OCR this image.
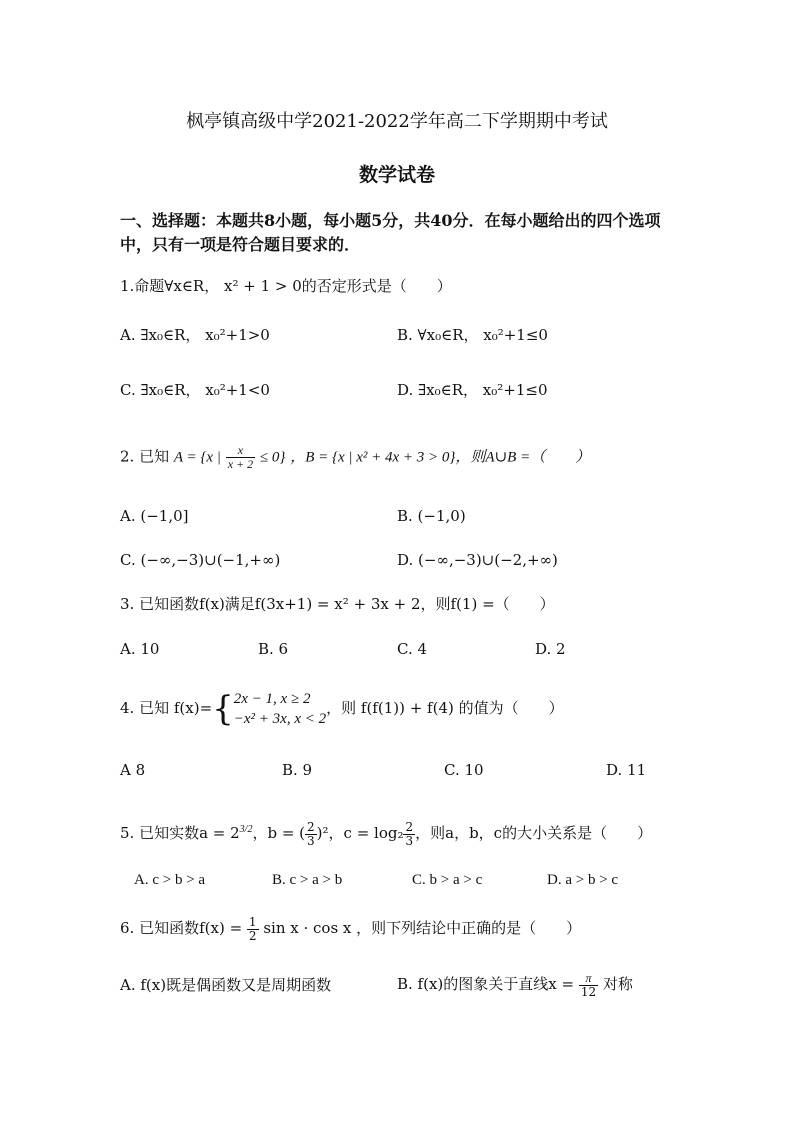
枫亭镇高级中学2021-2022学年高二下学期期中考试
数学试卷
一、选择题：本题共8小题，每小题5分，共40分．在每小题给出的四个选项
中，只有一项是符合题目要求的．
1.命题∀x∈R， x² + 1 > 0的否定形式是（　　）
A. ∃x₀∈R， x₀²+1>0	B. ∀x₀∈R， x₀²+1≤0
C. ∃x₀∈R， x₀²+1<0	D. ∃x₀∈R， x₀²+1≤0
2. 已知 A = {x | $\frac{x}{x + 2} \le 0$} ，B = {x | x² + 4x + 3 > 0}，则A∪B =（　　）
A. (−1,0]	B. (−1,0)
C. (−∞,−3)∪(−1,+∞)	D. (−∞,−3)∪(−2,+∞)
3. 已知函数f(x)满足f(3x+1) = x² + 3x + 2，则f(1) =（　　）
A. 10	B. 6	C. 4	D. 2
4. 已知 f(x)={ 2x − 1, x ≥ 2
−x² + 3x, x < 2
，则 f(f(1)) + f(4) 的值为（　　）
A 8	B. 9	C. 10	D. 11
5. 已知实数$a = 2^{3/2}$，b = ( $\frac{2}{3} )^2$，$c = \log_2 \frac{2}{3}$ ，则a，b，c的大小关系是（　　）
A. c > b > a	B. c > a > b	C. b > a > c	D. a > b > c
6. 已知函数$f(x) = \frac{1}{2}$ sin x · cos x ，则下列结论中正确的是（　　）
A. f(x)既是偶函数又是周期函数	B. f(x)的图象关于直线$x = \frac{\pi}{12}$ 对称
